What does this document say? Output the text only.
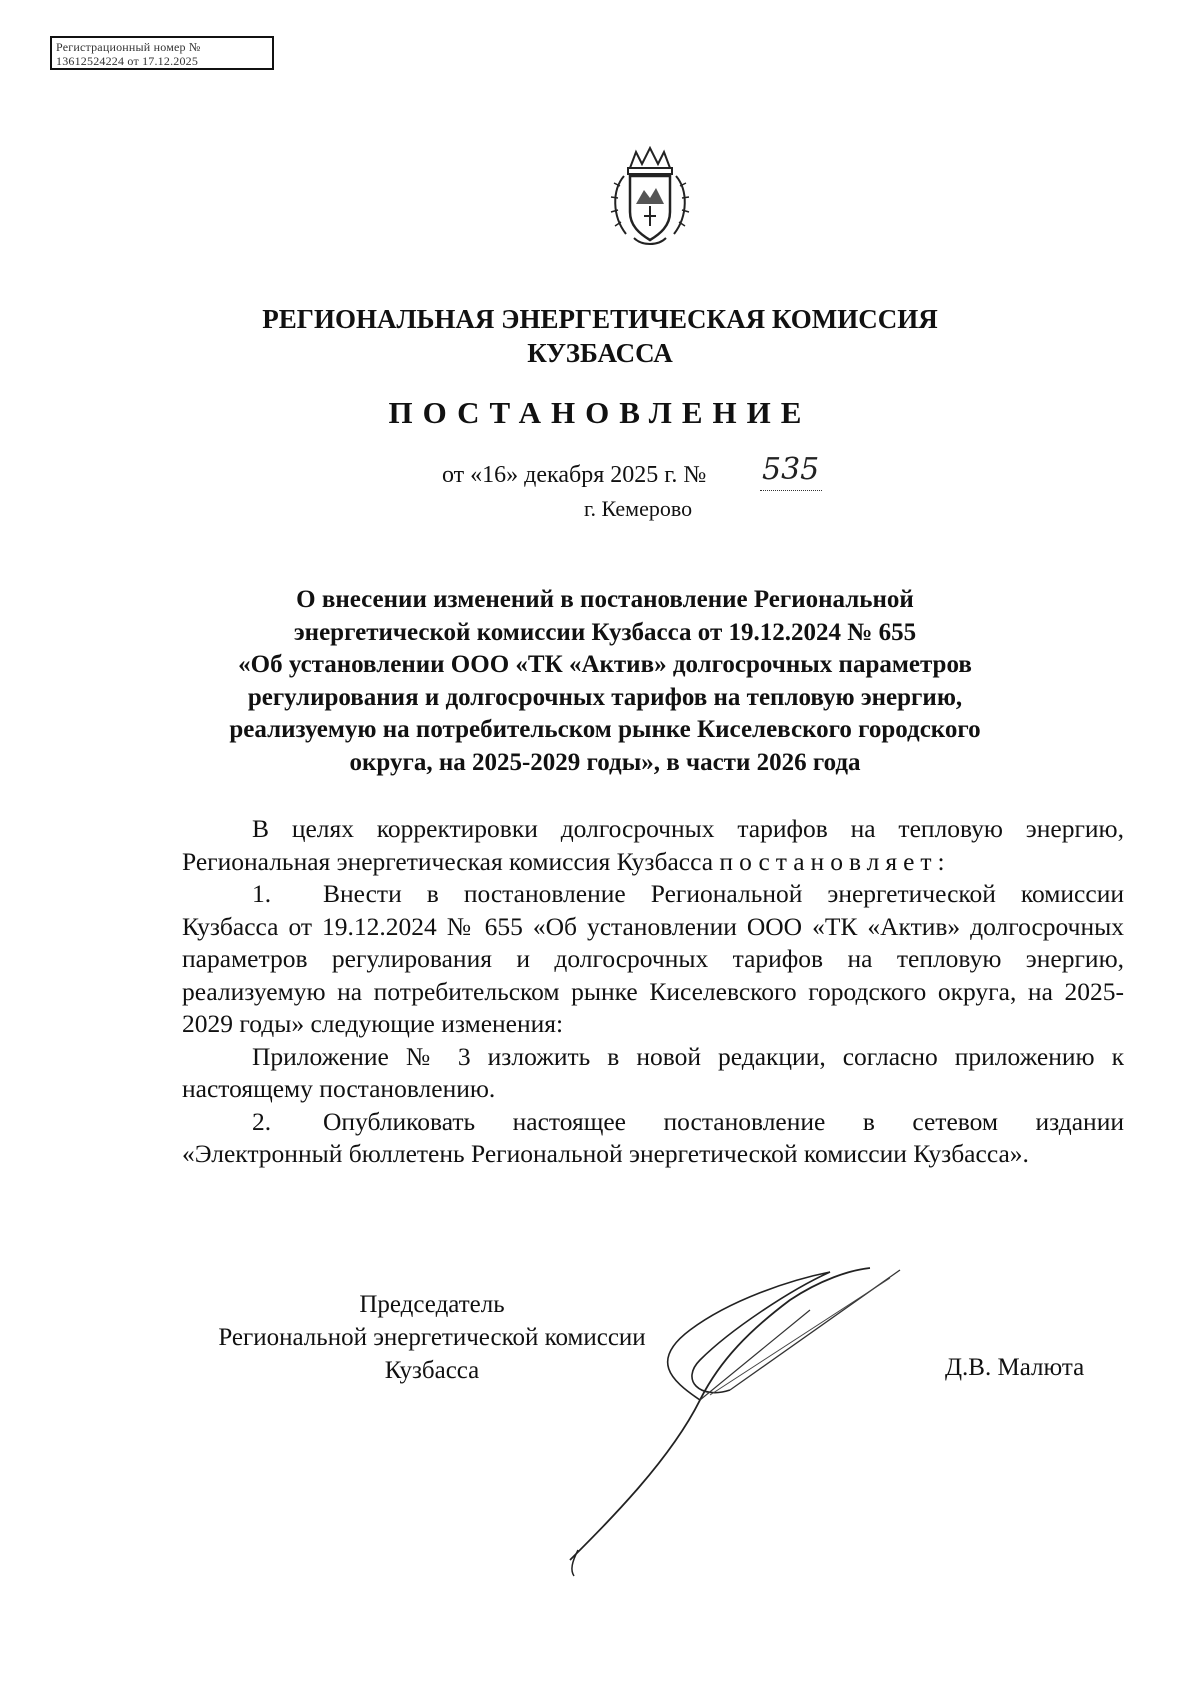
Регистрационный номер №
13612524224 от 17.12.2025
РЕГИОНАЛЬНАЯ ЭНЕРГЕТИЧЕСКАЯ КОМИССИЯ
КУЗБАССА
ПОСТАНОВЛЕНИЕ
от «16» декабря 2025 г. № 535
г. Кемерово
О внесении изменений в постановление Региональной
энергетической комиссии Кузбасса от 19.12.2024 № 655
«Об установлении ООО «ТК «Актив» долгосрочных параметров
регулирования и долгосрочных тарифов на тепловую энергию,
реализуемую на потребительском рынке Киселевского городского
округа, на 2025-2029 годы», в части 2026 года

В целях корректировки долгосрочных тарифов на тепловую энергию, Региональная энергетическая комиссия Кузбасса постановляет:

1. Внести в постановление Региональной энергетической комиссии Кузбасса от 19.12.2024 № 655 «Об установлении ООО «ТК «Актив» долгосрочных параметров регулирования и долгосрочных тарифов на тепловую энергию, реализуемую на потребительском рынке Киселевского городского округа, на 2025-2029 годы» следующие изменения:

Приложение № 3 изложить в новой редакции, согласно приложению к настоящему постановлению.

2. Опубликовать настоящее постановление в сетевом издании «Электронный бюллетень Региональной энергетической комиссии Кузбасса».

Председатель
Региональной энергетической комиссии
Кузбасса	Д.В. Малюта
